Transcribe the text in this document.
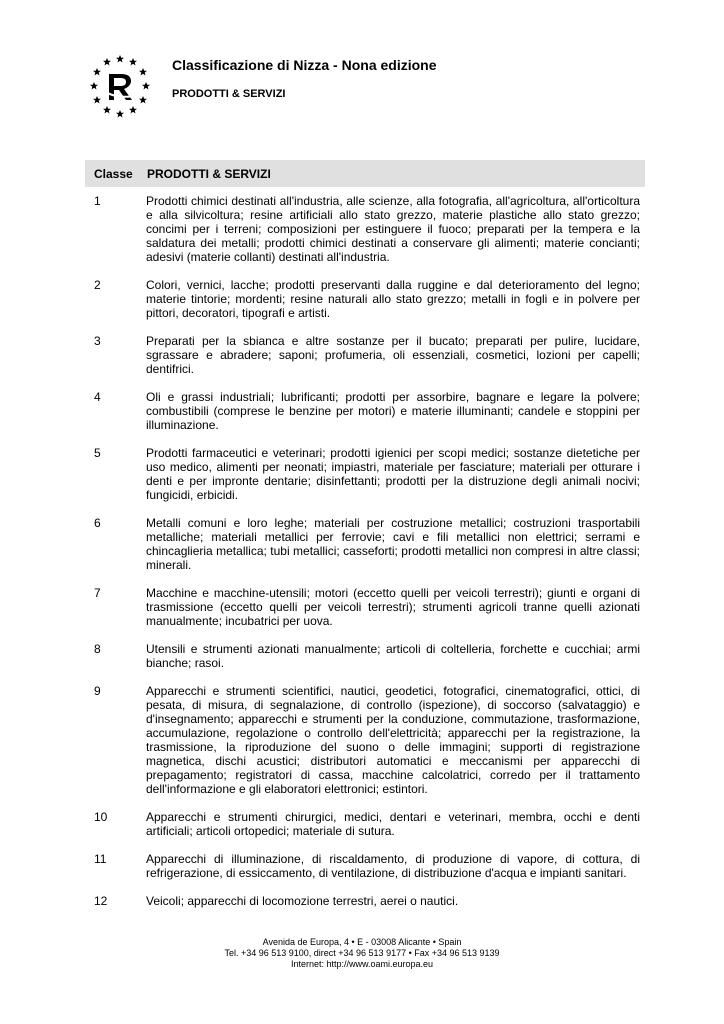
Classificazione di Nizza - Nona edizione
PRODOTTI & SERVIZI
Classe PRODOTTI & SERVIZI
1	Prodotti chimici destinati all'industria, alle scienze, alla fotografia, all'agricoltura, all'orticoltura e alla silvicoltura; resine artificiali allo stato grezzo, materie plastiche allo stato grezzo; concimi per i terreni; composizioni per estinguere il fuoco; preparati per la tempera e la saldatura dei metalli; prodotti chimici destinati a conservare gli alimenti; materie concianti; adesivi (materie collanti) destinati all'industria.
2	Colori, vernici, lacche; prodotti preservanti dalla ruggine e dal deterioramento del legno; materie tintorie; mordenti; resine naturali allo stato grezzo; metalli in fogli e in polvere per pittori, decoratori, tipografi e artisti.
3	Preparati per la sbianca e altre sostanze per il bucato; preparati per pulire, lucidare, sgrassare e abradere; saponi; profumeria, oli essenziali, cosmetici, lozioni per capelli; dentifrici.
4	Oli e grassi industriali; lubrificanti; prodotti per assorbire, bagnare e legare la polvere; combustibili (comprese le benzine per motori) e materie illuminanti; candele e stoppini per illuminazione.
5	Prodotti farmaceutici e veterinari; prodotti igienici per scopi medici; sostanze dietetiche per uso medico, alimenti per neonati; impiastri, materiale per fasciature; materiali per otturare i denti e per impronte dentarie; disinfettanti; prodotti per la distruzione degli animali nocivi; fungicidi, erbicidi.
6	Metalli comuni e loro leghe; materiali per costruzione metallici; costruzioni trasportabili metalliche; materiali metallici per ferrovie; cavi e fili metallici non elettrici; serrami e chincaglieria metallica; tubi metallici; casseforti; prodotti metallici non compresi in altre classi; minerali.
7	Macchine e macchine-utensili; motori (eccetto quelli per veicoli terrestri); giunti e organi di trasmissione (eccetto quelli per veicoli terrestri); strumenti agricoli tranne quelli azionati manualmente; incubatrici per uova.
8	Utensili e strumenti azionati manualmente; articoli di coltelleria, forchette e cucchiai; armi bianche; rasoi.
9	Apparecchi e strumenti scientifici, nautici, geodetici, fotografici, cinematografici, ottici, di pesata, di misura, di segnalazione, di controllo (ispezione), di soccorso (salvataggio) e d'insegnamento; apparecchi e strumenti per la conduzione, commutazione, trasformazione, accumulazione, regolazione o controllo dell'elettricità; apparecchi per la registrazione, la trasmissione, la riproduzione del suono o delle immagini; supporti di registrazione magnetica, dischi acustici; distributori automatici e meccanismi per apparecchi di prepagamento; registratori di cassa, macchine calcolatrici, corredo per il trattamento dell'informazione e gli elaboratori elettronici; estintori.
10	Apparecchi e strumenti chirurgici, medici, dentari e veterinari, membra, occhi e denti artificiali; articoli ortopedici; materiale di sutura.
11	Apparecchi di illuminazione, di riscaldamento, di produzione di vapore, di cottura, di refrigerazione, di essiccamento, di ventilazione, di distribuzione d'acqua e impianti sanitari.
12	Veicoli; apparecchi di locomozione terrestri, aerei o nautici.
Avenida de Europa, 4 • E - 03008 Alicante • Spain
Tel. +34 96 513 9100, direct +34 96 513 9177 • Fax +34 96 513 9139
Internet: http://www.oami.europa.eu
